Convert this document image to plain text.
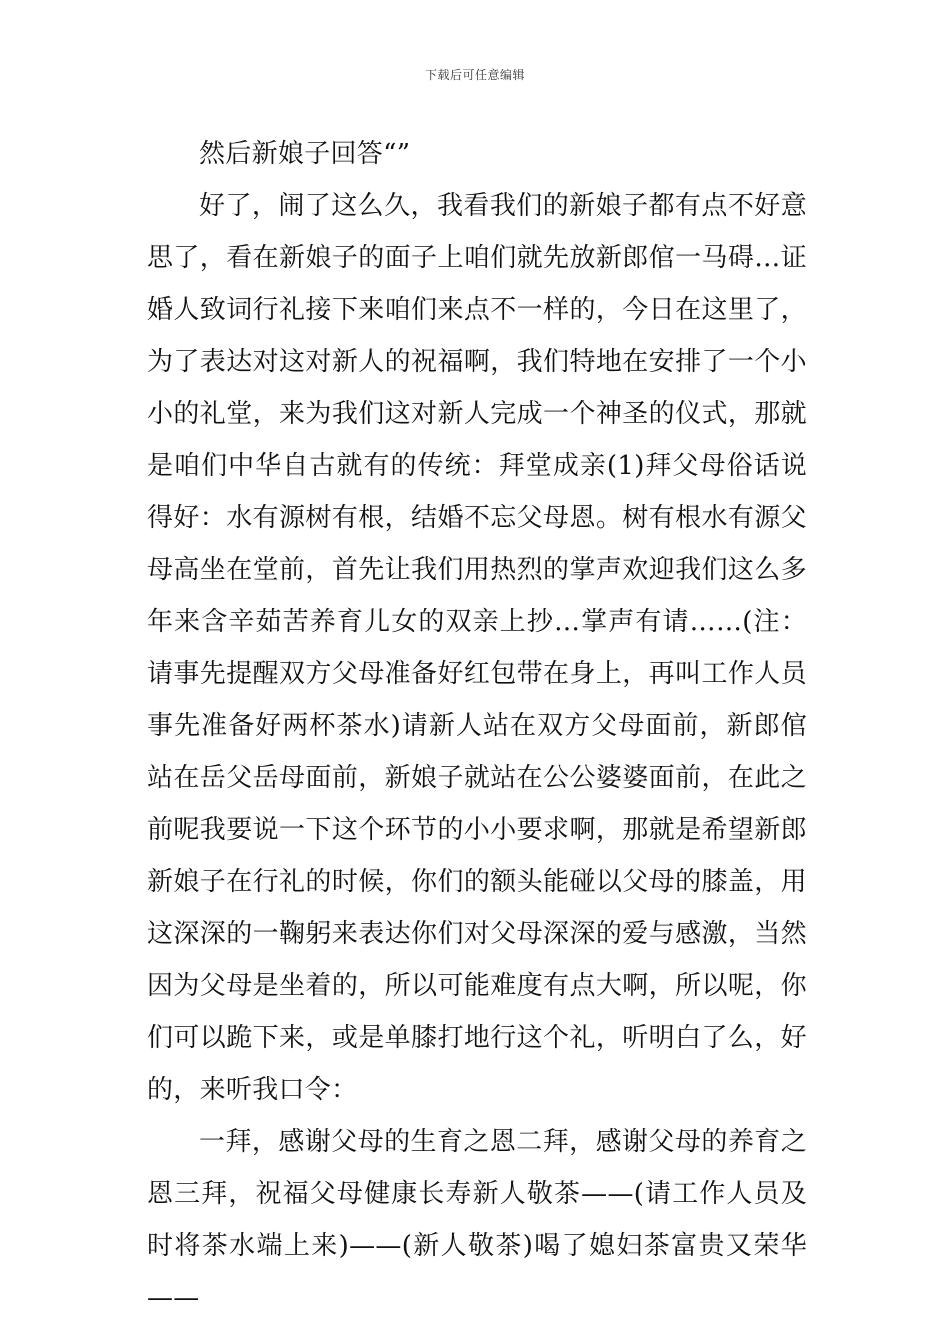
下载后可任意编辑

然后新娘子回答“”

好了，闹了这么久，我看我们的新娘子都有点不好意思了，看在新娘子的面子上咱们就先放新郎倌一马碍…证婚人致词行礼接下来咱们来点不一样的，今日在这里了，为了表达对这对新人的祝福啊，我们特地在安排了一个小小的礼堂，来为我们这对新人完成一个神圣的仪式，那就是咱们中华自古就有的传统：拜堂成亲(1)拜父母俗话说得好：水有源树有根，结婚不忘父母恩。树有根水有源父母高坐在堂前，首先让我们用热烈的掌声欢迎我们这么多年来含辛茹苦养育儿女的双亲上抄…掌声有请……(注：请事先提醒双方父母准备好红包带在身上，再叫工作人员事先准备好两杯茶水)请新人站在双方父母面前，新郎倌站在岳父岳母面前，新娘子就站在公公婆婆面前，在此之前呢我要说一下这个环节的小小要求啊，那就是希望新郎新娘子在行礼的时候，你们的额头能碰以父母的膝盖，用这深深的一鞠躬来表达你们对父母深深的爱与感激，当然因为父母是坐着的，所以可能难度有点大啊，所以呢，你们可以跪下来，或是单膝打地行这个礼，听明白了么，好的，来听我口令：

一拜，感谢父母的生育之恩二拜，感谢父母的养育之恩三拜，祝福父母健康长寿新人敬茶——(请工作人员及时将茶水端上来)——(新人敬茶)喝了媳妇茶富贵又荣华——
